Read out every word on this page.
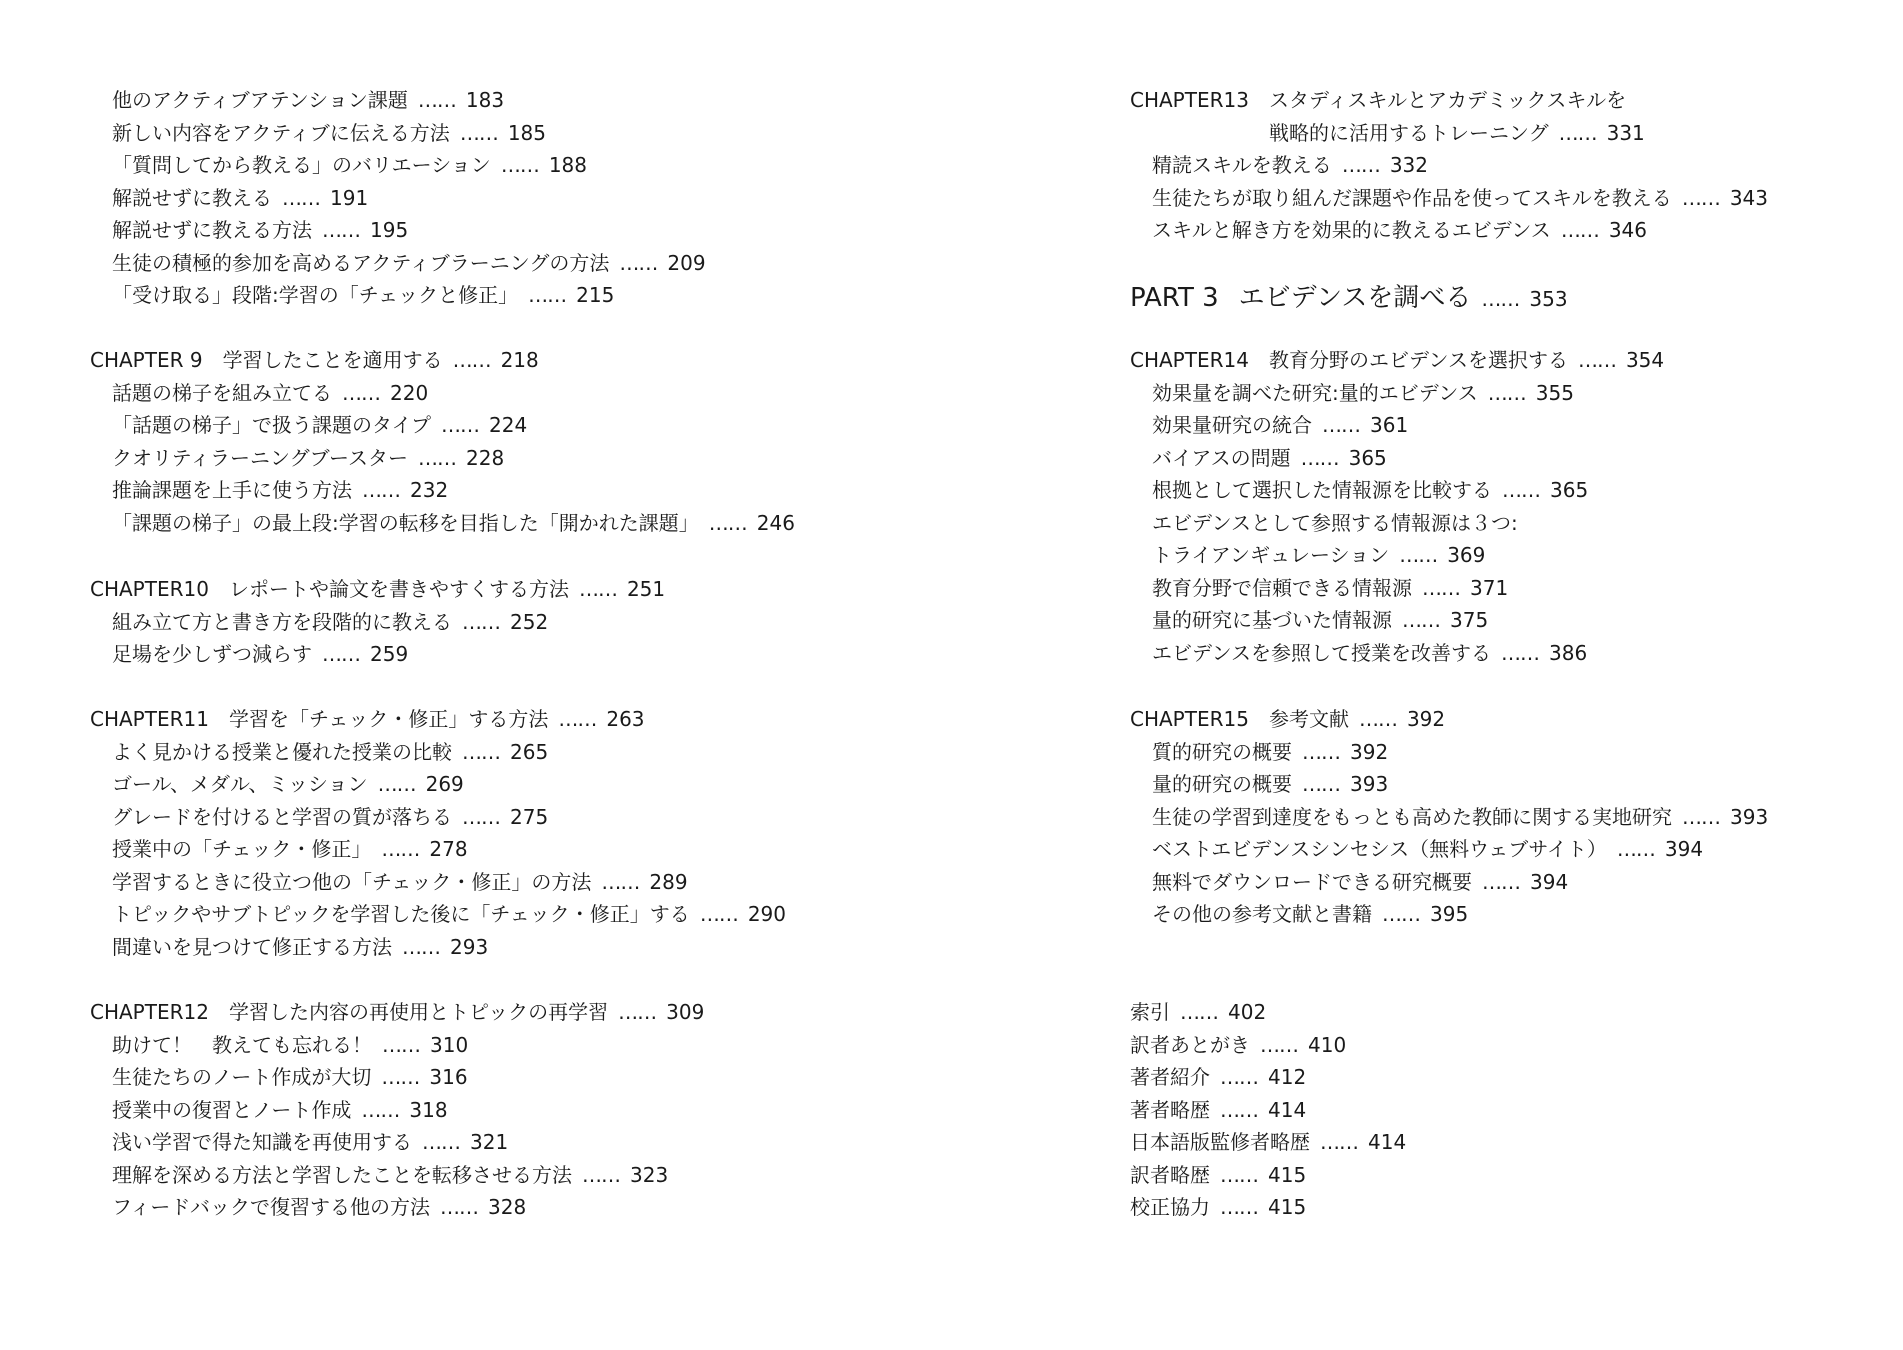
他のアクティブアテンション課題 …… 183
新しい内容をアクティブに伝える方法 …… 185
「質問してから教える」のバリエーション …… 188
解説せずに教える …… 191
解説せずに教える方法 …… 195
生徒の積極的参加を高めるアクティブラーニングの方法 …… 209
「受け取る」段階:学習の「チェックと修正」 …… 215
CHAPTER 9 学習したことを適用する …… 218
話題の梯子を組み立てる …… 220
「話題の梯子」で扱う課題のタイプ …… 224
クオリティラーニングブースター …… 228
推論課題を上手に使う方法 …… 232
「課題の梯子」の最上段:学習の転移を目指した「開かれた課題」 …… 246
CHAPTER10 レポートや論文を書きやすくする方法 …… 251
組み立て方と書き方を段階的に教える …… 252
足場を少しずつ減らす …… 259
CHAPTER11 学習を「チェック・修正」する方法 …… 263
よく見かける授業と優れた授業の比較 …… 265
ゴール、メダル、ミッション …… 269
グレードを付けると学習の質が落ちる …… 275
授業中の「チェック・修正」 …… 278
学習するときに役立つ他の「チェック・修正」の方法 …… 289
トピックやサブトピックを学習した後に「チェック・修正」する …… 290
間違いを見つけて修正する方法 …… 293
CHAPTER12 学習した内容の再使用とトピックの再学習 …… 309
助けて！　教えても忘れる！ …… 310
生徒たちのノート作成が大切 …… 316
授業中の復習とノート作成 …… 318
浅い学習で得た知識を再使用する …… 321
理解を深める方法と学習したことを転移させる方法 …… 323
フィードバックで復習する他の方法 …… 328
CHAPTER13 スタディスキルとアカデミックスキルを
戦略的に活用するトレーニング …… 331
精読スキルを教える …… 332
生徒たちが取り組んだ課題や作品を使ってスキルを教える …… 343
スキルと解き方を効果的に教えるエビデンス …… 346
PART 3 エビデンスを調べる …… 353
CHAPTER14 教育分野のエビデンスを選択する …… 354
効果量を調べた研究:量的エビデンス …… 355
効果量研究の統合 …… 361
バイアスの問題 …… 365
根拠として選択した情報源を比較する …… 365
エビデンスとして参照する情報源は３つ:
トライアンギュレーション …… 369
教育分野で信頼できる情報源 …… 371
量的研究に基づいた情報源 …… 375
エビデンスを参照して授業を改善する …… 386
CHAPTER15 参考文献 …… 392
質的研究の概要 …… 392
量的研究の概要 …… 393
生徒の学習到達度をもっとも高めた教師に関する実地研究 …… 393
ベストエビデンスシンセシス（無料ウェブサイト） …… 394
無料でダウンロードできる研究概要 …… 394
その他の参考文献と書籍 …… 395
索引 …… 402
訳者あとがき …… 410
著者紹介 …… 412
著者略歴 …… 414
日本語版監修者略歴 …… 414
訳者略歴 …… 415
校正協力 …… 415
